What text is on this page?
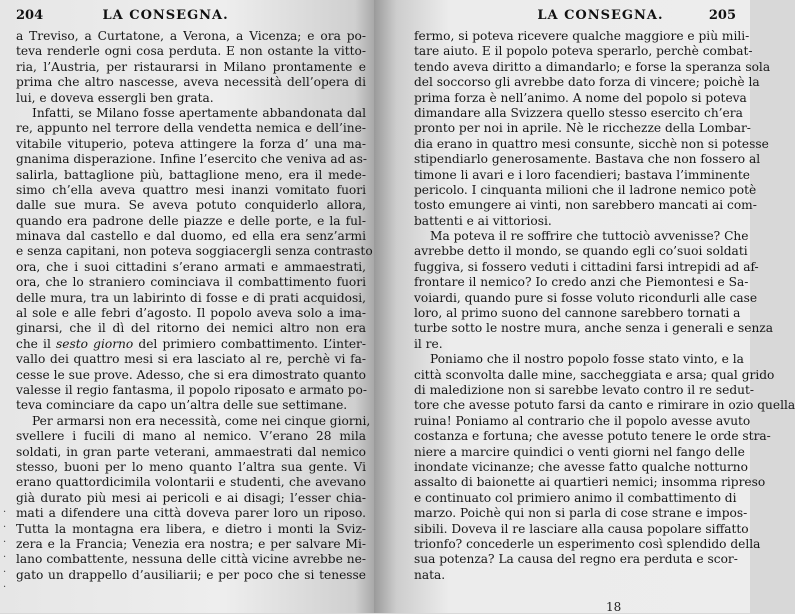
204	LA CONSEGNA.
a Treviso, a Curtatone, a Verona, a Vicenza; e ora po-
teva renderle ogni cosa perduta. E non ostante la vitto-
ria, l’Austria, per ristaurarsi in Milano prontamente e
prima che altro nascesse, aveva necessità dell’opera di
lui, e doveva essergli ben grata.
Infatti, se Milano fosse apertamente abbandonata dal
re, appunto nel terrore della vendetta nemica e dell’ine-
vitabile vituperio, poteva attingere la forza d’ una ma-
gnanima disperazione. Infine l’esercito che veniva ad as-
salirla, battaglione più, battaglione meno, era il mede-
simo ch’ella aveva quattro mesi inanzi vomitato fuori
dalle sue mura. Se aveva potuto conquiderlo allora,
quando era padrone delle piazze e delle porte, e la ful-
minava dal castello e dal duomo, ed ella era senz’armi
e senza capitani, non poteva soggiacergli senza contrasto
ora, che i suoi cittadini s’erano armati e ammaestrati,
ora, che lo straniero cominciava il combattimento fuori
delle mura, tra un labirinto di fosse e di prati acquidosi,
al sole e alle febri d’agosto. Il popolo aveva solo a ima-
ginarsi, che il dì del ritorno dei nemici altro non era
che il sesto giorno del primiero combattimento. L’inter-
vallo dei quattro mesi si era lasciato al re, perchè vi fa-
cesse le sue prove. Adesso, che si era dimostrato quanto
valesse il regio fantasma, il popolo riposato e armato po-
teva cominciare da capo un’altra delle sue settimane.
Per armarsi non era necessità, come nei cinque giorni,
svellere i fucili di mano al nemico. V’erano 28 mila
soldati, in gran parte veterani, ammaestrati dal nemico
stesso, buoni per lo meno quanto l’altra sua gente. Vi
erano quattordicimila volontarii e studenti, che avevano
già durato più mesi ai pericoli e ai disagi; l’esser chia-
mati a difendere una città doveva parer loro un riposo.
Tutta la montagna era libera, e dietro i monti la Sviz-
zera e la Francia; Venezia era nostra; e per salvare Mi-
lano combattente, nessuna delle città vicine avrebbe ne-
gato un drappello d’ausiliarii; e per poco che si tenesse
·
·
·
·
·
·
LA CONSEGNA.	205
fermo, si poteva ricevere qualche maggiore e più mili-
tare aiuto. E il popolo poteva sperarlo, perchè combat-
tendo aveva diritto a dimandarlo; e forse la speranza sola
del soccorso gli avrebbe dato forza di vincere; poichè la
prima forza è nell’animo. A nome del popolo si poteva
dimandare alla Svizzera quello stesso esercito ch’era
pronto per noi in aprile. Nè le ricchezze della Lombar-
dia erano in quattro mesi consunte, sicchè non si potesse
stipendiarlo generosamente. Bastava che non fossero al
timone li avari e i loro facendieri; bastava l’imminente
pericolo. I cinquanta milioni che il ladrone nemico potè
tosto emungere ai vinti, non sarebbero mancati ai com-
battenti e ai vittoriosi.
Ma poteva il re soffrire che tuttociò avvenisse? Che
avrebbe detto il mondo, se quando egli co’suoi soldati
fuggiva, si fossero veduti i cittadini farsi intrepidi ad af-
frontare il nemico? Io credo anzi che Piemontesi e Sa-
voiardi, quando pure si fosse voluto ricondurli alle case
loro, al primo suono del cannone sarebbero tornati a
turbe sotto le nostre mura, anche senza i generali e senza
il re.
Poniamo che il nostro popolo fosse stato vinto, e la
città sconvolta dalle mine, saccheggiata e arsa; qual grido
di maledizione non si sarebbe levato contro il re sedut-
tore che avesse potuto farsi da canto e rimirare in ozio quella
ruina! Poniamo al contrario che il popolo avesse avuto
costanza e fortuna; che avesse potuto tenere le orde stra-
niere a marcire quindici o venti giorni nel fango delle
inondate vicinanze; che avesse fatto qualche notturno
assalto di baionette ai quartieri nemici; insomma ripreso
e continuato col primiero animo il combattimento di
marzo. Poichè qui non si parla di cose strane e impos-
sibili. Doveva il re lasciare alla causa popolare siffatto
trionfo? concederle un esperimento così splendido della
sua potenza? La causa del regno era perduta e scor-
nata.
18
